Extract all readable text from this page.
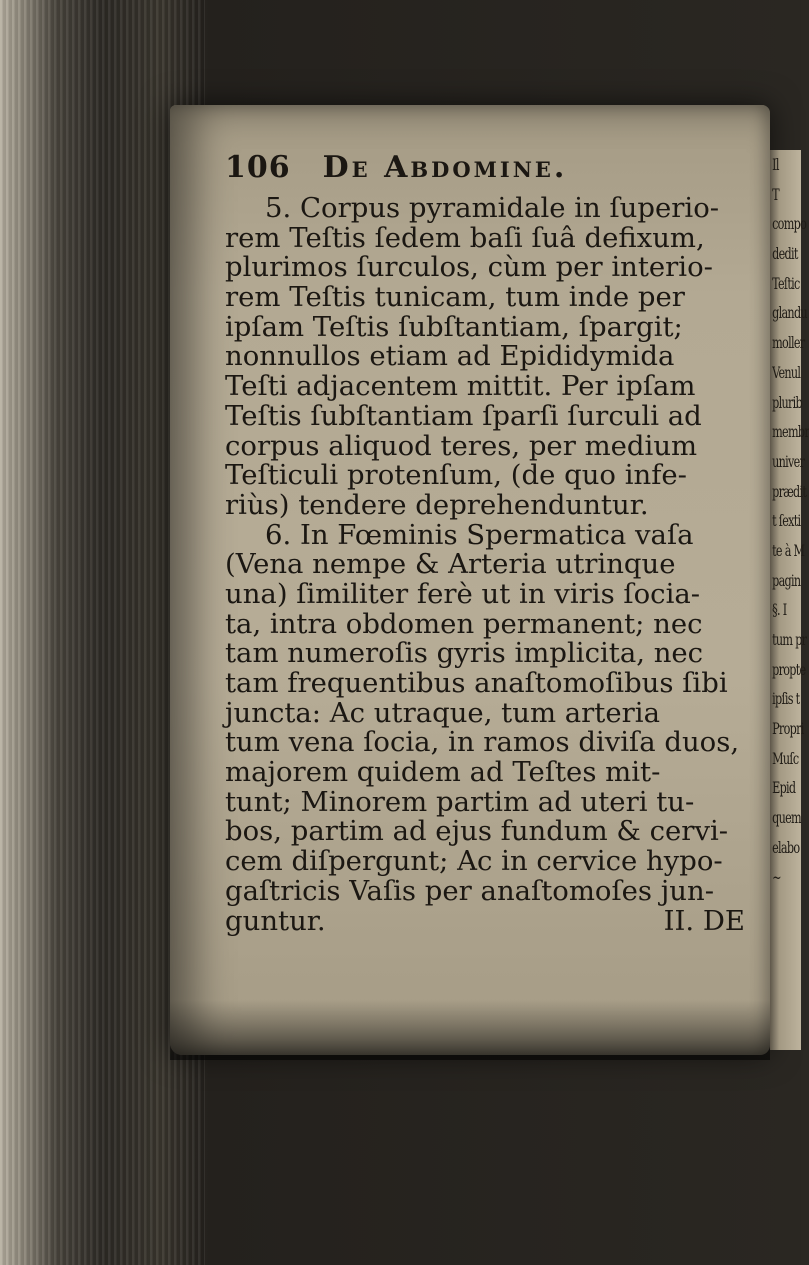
Il
T
compo
dedit
Teſtic
glandu
moller
Venul
plurib
membr
univer
prædit
t ſexti
te à M
pagin
§. I
tum pr
propte
ipſis t
Propri
Muſc
Epid
quem
elabo
~
106 De Abdomine.
5. Corpus pyramidale in ſuperio-
rem Teſtis ſedem baſi ſuâ defixum,
plurimos ſurculos, cùm per interio-
rem Teſtis tunicam, tum inde per
ipſam Teſtis ſubſtantiam, ſpargit;
nonnullos etiam ad Epididymida
Teſti adjacentem mittit. Per ipſam
Teſtis ſubſtantiam ſparſi ſurculi ad
corpus aliquod teres, per medium
Teſticuli protenſum, (de quo infe-
riùs) tendere deprehenduntur.
6. In Fœminis Spermatica vaſa
(Vena nempe & Arteria utrinque
una) ſimiliter ferè ut in viris ſocia-
ta, intra obdomen permanent; nec
tam numeroſis gyris implicita, nec
tam frequentibus anaſtomoſibus ſibi
juncta: Ac utraque, tum arteria
tum vena ſocia, in ramos diviſa duos,
majorem quidem ad Teſtes mit-
tunt; Minorem partim ad uteri tu-
bos, partim ad ejus fundum & cervi-
cem diſpergunt; Ac in cervice hypo-
gaſtricis Vaſis per anaſtomoſes jun-
guntur.	II. DE
